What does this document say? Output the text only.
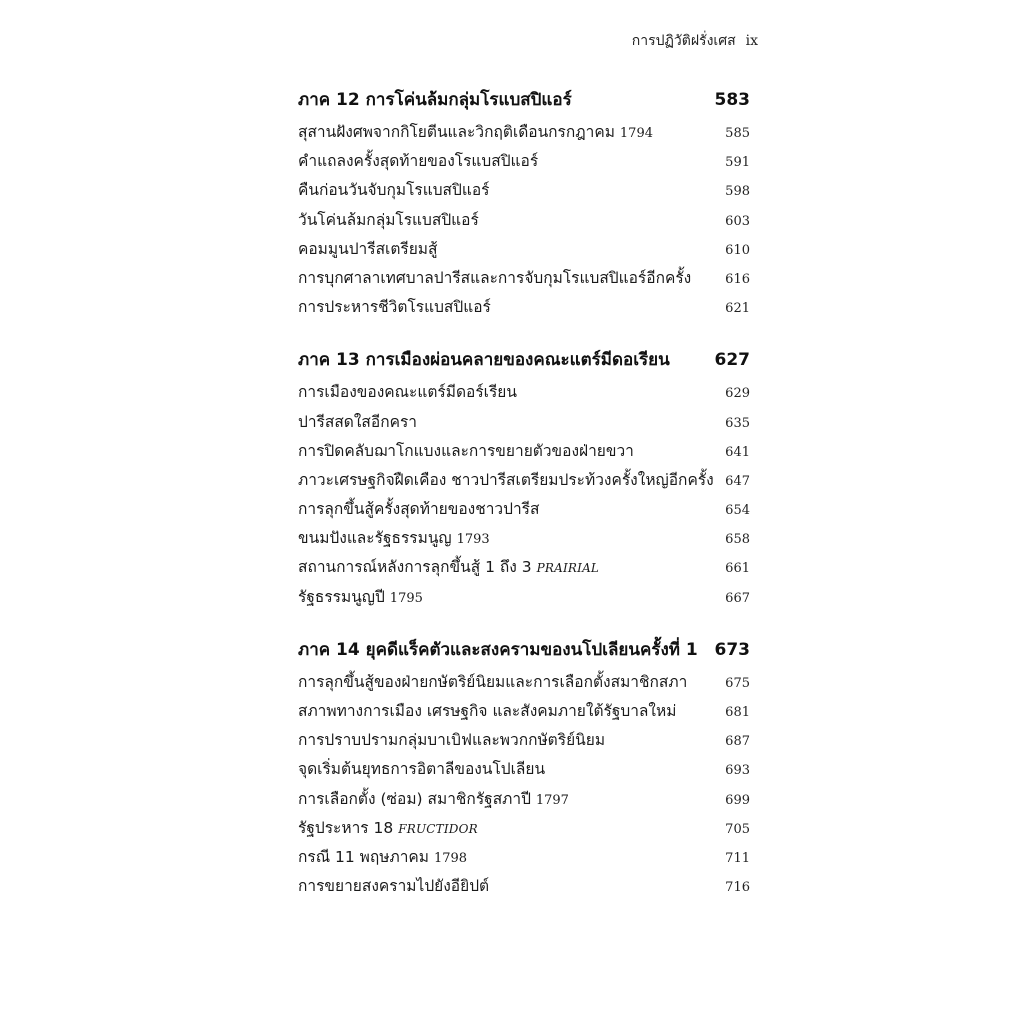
การปฏิวัติฝรั่งเศส ix
ภาค 12 การโค่นล้มกลุ่มโรแบสปิแอร์	583
สุสานฝังศพจากกิโยตีนและวิกฤติเดือนกรกฎาคม 1794	585
คำแถลงครั้งสุดท้ายของโรแบสปิแอร์	591
คืนก่อนวันจับกุมโรแบสปิแอร์	598
วันโค่นล้มกลุ่มโรแบสปิแอร์	603
คอมมูนปารีสเตรียมสู้	610
การบุกศาลาเทศบาลปารีสและการจับกุมโรแบสปิแอร์อีกครั้ง	616
การประหารชีวิตโรแบสปิแอร์	621
ภาค 13 การเมืองผ่อนคลายของคณะแตร์มีดอเรียน	627
การเมืองของคณะแตร์มีดอร์เรียน	629
ปารีสสดใสอีกครา	635
การปิดคลับฌาโกแบงและการขยายตัวของฝ่ายขวา	641
ภาวะเศรษฐกิจฝืดเคือง ชาวปารีสเตรียมประท้วงครั้งใหญ่อีกครั้ง 647
การลุกขึ้นสู้ครั้งสุดท้ายของชาวปารีส	654
ขนมปังและรัฐธรรมนูญ 1793	658
สถานการณ์หลังการลุกขึ้นสู้ 1 ถึง 3 PRAIRIAL	661
รัฐธรรมนูญปี 1795	667
ภาค 14 ยุคดีแร็คตัวและสงครามของนโปเลียนครั้งที่ 1 673
การลุกขึ้นสู้ของฝ่ายกษัตริย์นิยมและการเลือกตั้งสมาชิกสภา	675
สภาพทางการเมือง เศรษฐกิจ และสังคมภายใต้รัฐบาลใหม่	681
การปราบปรามกลุ่มบาเบิฟและพวกกษัตริย์นิยม	687
จุดเริ่มต้นยุทธการอิตาลีของนโปเลียน	693
การเลือกตั้ง (ซ่อม) สมาชิกรัฐสภาปี 1797	699
รัฐประหาร 18 FRUCTIDOR	705
กรณี 11 พฤษภาคม 1798	711
การขยายสงครามไปยังอียิปต์	716
